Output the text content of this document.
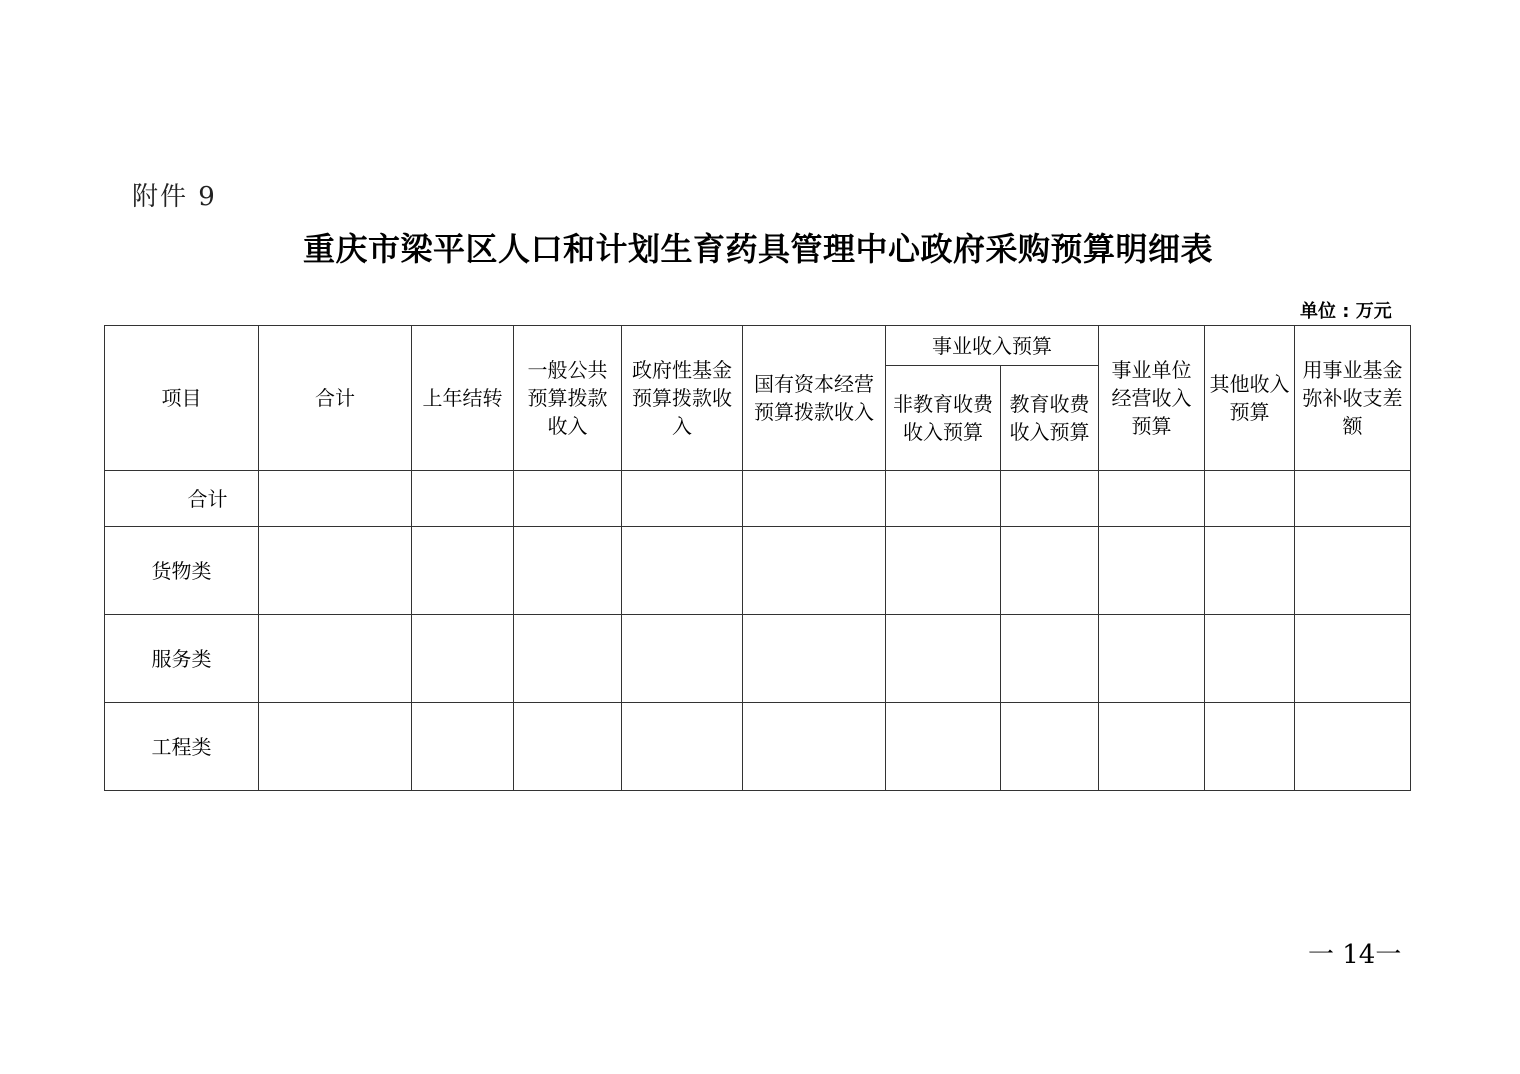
附件 9
重庆市梁平区人口和计划生育药具管理中心政府采购预算明细表
单位 : 万元
项目	合计	上年结转	一般公共预算拨款收入	政府性基金预算拨款收入	国有资本经营预算拨款收入	事业收入预算		事业单位经营收入预算	其他收入预算	用事业基金弥补收支差额
						非教育收费收入预算	教育收费收入预算			
合计										
货物类										
服务类										
工程类										
一 14一
